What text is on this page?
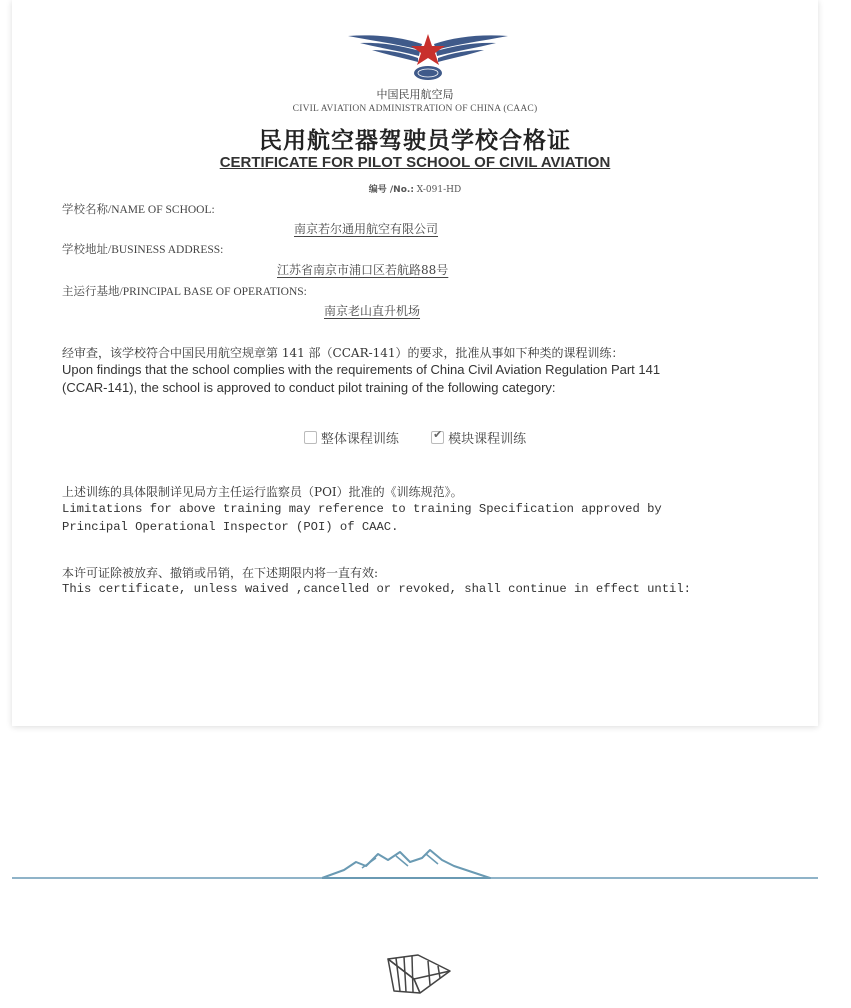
中国民用航空局
CIVIL AVIATION ADMINISTRATION OF CHINA (CAAC)
民用航空器驾驶员学校合格证
CERTIFICATE FOR PILOT SCHOOL OF CIVIL AVIATION
编号 /No.: X-091-HD
学校名称/NAME OF SCHOOL:
南京若尔通用航空有限公司
学校地址/BUSINESS ADDRESS:
江苏省南京市浦口区若航路88号
主运行基地/PRINCIPAL BASE OF OPERATIONS:
南京老山直升机场
经审查，该学校符合中国民用航空规章第 141 部（CCAR-141）的要求，批准从事如下种类的课程训练：
Upon findings that the school complies with the requirements of China Civil Aviation Regulation Part 141
(CCAR-141), the school is approved to conduct pilot training of the following category:
整体课程训练 ✔	模块课程训练
上述训练的具体限制详见局方主任运行监察员（POI）批准的《训练规范》。
Limitations for above training may reference to training Specification approved by
Principal Operational Inspector (POI) of CAAC.
本许可证除被放弃、撤销或吊销，在下述期限内将一直有效:
This certificate, unless waived ,cancelled or revoked, shall continue in effect until:
